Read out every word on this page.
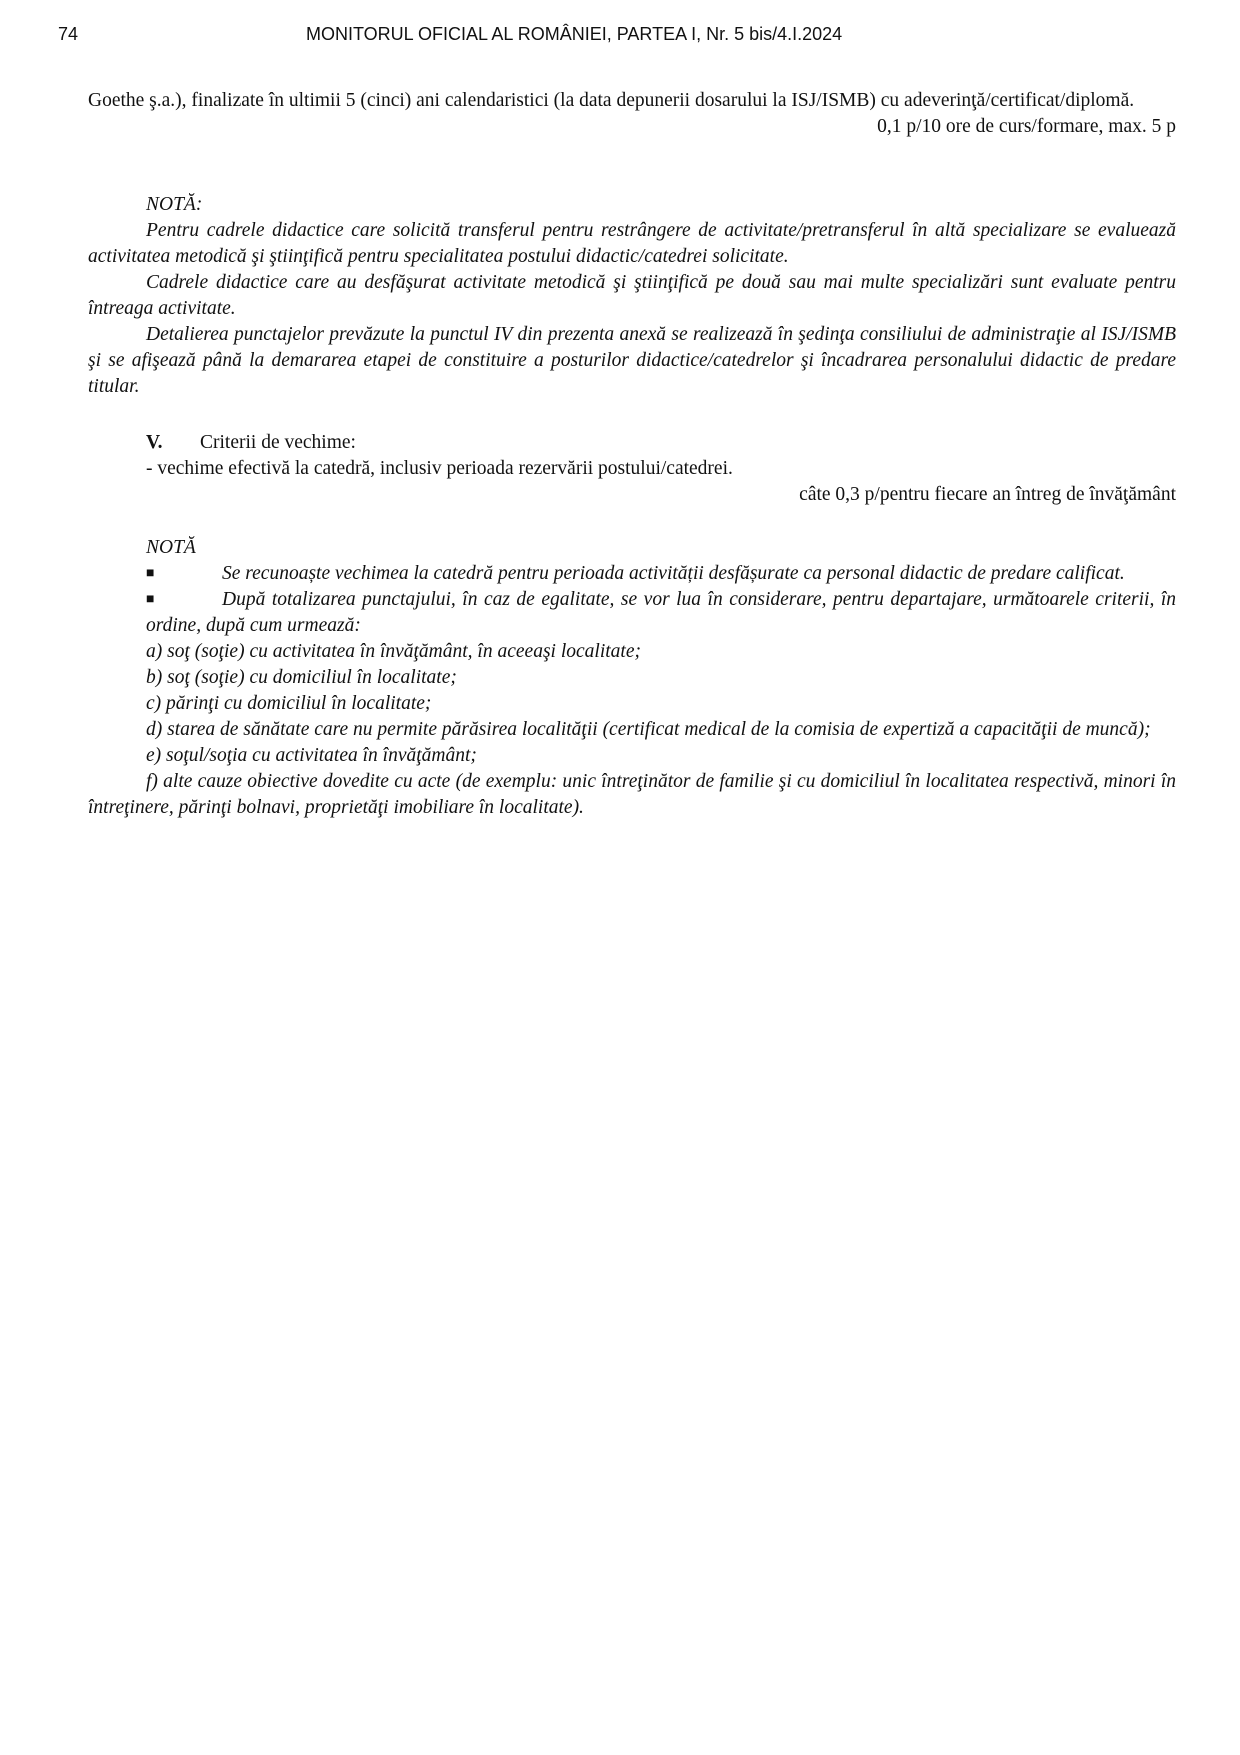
74	MONITORUL OFICIAL AL ROMÂNIEI, PARTEA I, Nr. 5 bis/4.I.2024

Goethe ş.a.), finalizate în ultimii 5 (cinci) ani calendaristici (la data depunerii dosarului la ISJ/ISMB) cu adeverinţă/certificat/diplomă.

0,1 p/10 ore de curs/formare, max. 5 p

NOTĂ:

Pentru cadrele didactice care solicită transferul pentru restrângere de activitate/pretransferul în altă specializare se evaluează activitatea metodică şi ştiinţifică pentru specialitatea postului didactic/catedrei solicitate.

Cadrele didactice care au desfăşurat activitate metodică şi ştiinţifică pe două sau mai multe specializări sunt evaluate pentru întreaga activitate.

Detalierea punctajelor prevăzute la punctul IV din prezenta anexă se realizează în şedinţa consiliului de administraţie al ISJ/ISMB şi se afişează până la demararea etapei de constituire a posturilor didactice/catedrelor şi încadrarea personalului didactic de predare titular.

V. Criterii de vechime:

- vechime efectivă la catedră, inclusiv perioada rezervării postului/catedrei.

câte 0,3 p/pentru fiecare an întreg de învăţământ

NOTĂ

■	Se recunoaște vechimea la catedră pentru perioada activității desfășurate ca personal didactic de predare calificat.

■	După totalizarea punctajului, în caz de egalitate, se vor lua în considerare, pentru departajare, următoarele criterii, în ordine, după cum urmează:

a) soţ (soţie) cu activitatea în învăţământ, în aceeaşi localitate;

b) soţ (soţie) cu domiciliul în localitate;

c) părinţi cu domiciliul în localitate;

d) starea de sănătate care nu permite părăsirea localităţii (certificat medical de la comisia de expertiză a capacităţii de muncă);

e) soţul/soţia cu activitatea în învăţământ;

f) alte cauze obiective dovedite cu acte (de exemplu: unic întreţinător de familie şi cu domiciliul în localitatea respectivă, minori în întreţinere, părinţi bolnavi, proprietăţi imobiliare în localitate).
